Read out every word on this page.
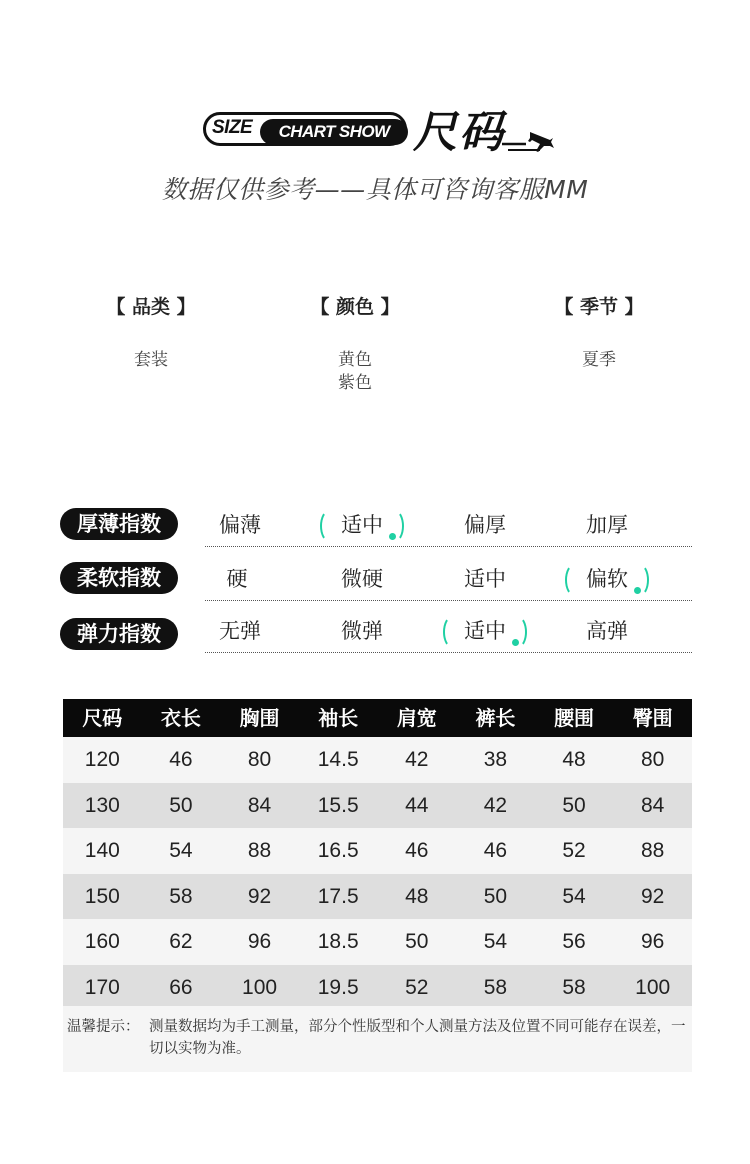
SIZE	CHART SHOW 尺码
数据仅供参考——具体可咨询客服MM
【 品类 】
套装
【 颜色 】
黄色
紫色
【 季节 】
夏季
厚薄指数	偏薄	适中	偏厚	加厚
柔软指数	硬	微硬	适中	偏软
弹力指数	无弹	微弹	适中	高弹
尺码	衣长	胸围	袖长	肩宽	裤长	腰围	臀围
120	46	80	14.5	42	38	48	80
130	50	84	15.5	44	42	50	84
140	54	88	16.5	46	46	52	88
150	58	92	17.5	48	50	54	92
160	62	96	18.5	50	54	56	96
170	66	100	19.5	52	58	58	100
温馨提示： 测量数据均为手工测量，部分个性版型和个人测量方法及位置不同可能存在误差，一切以实物为准。
